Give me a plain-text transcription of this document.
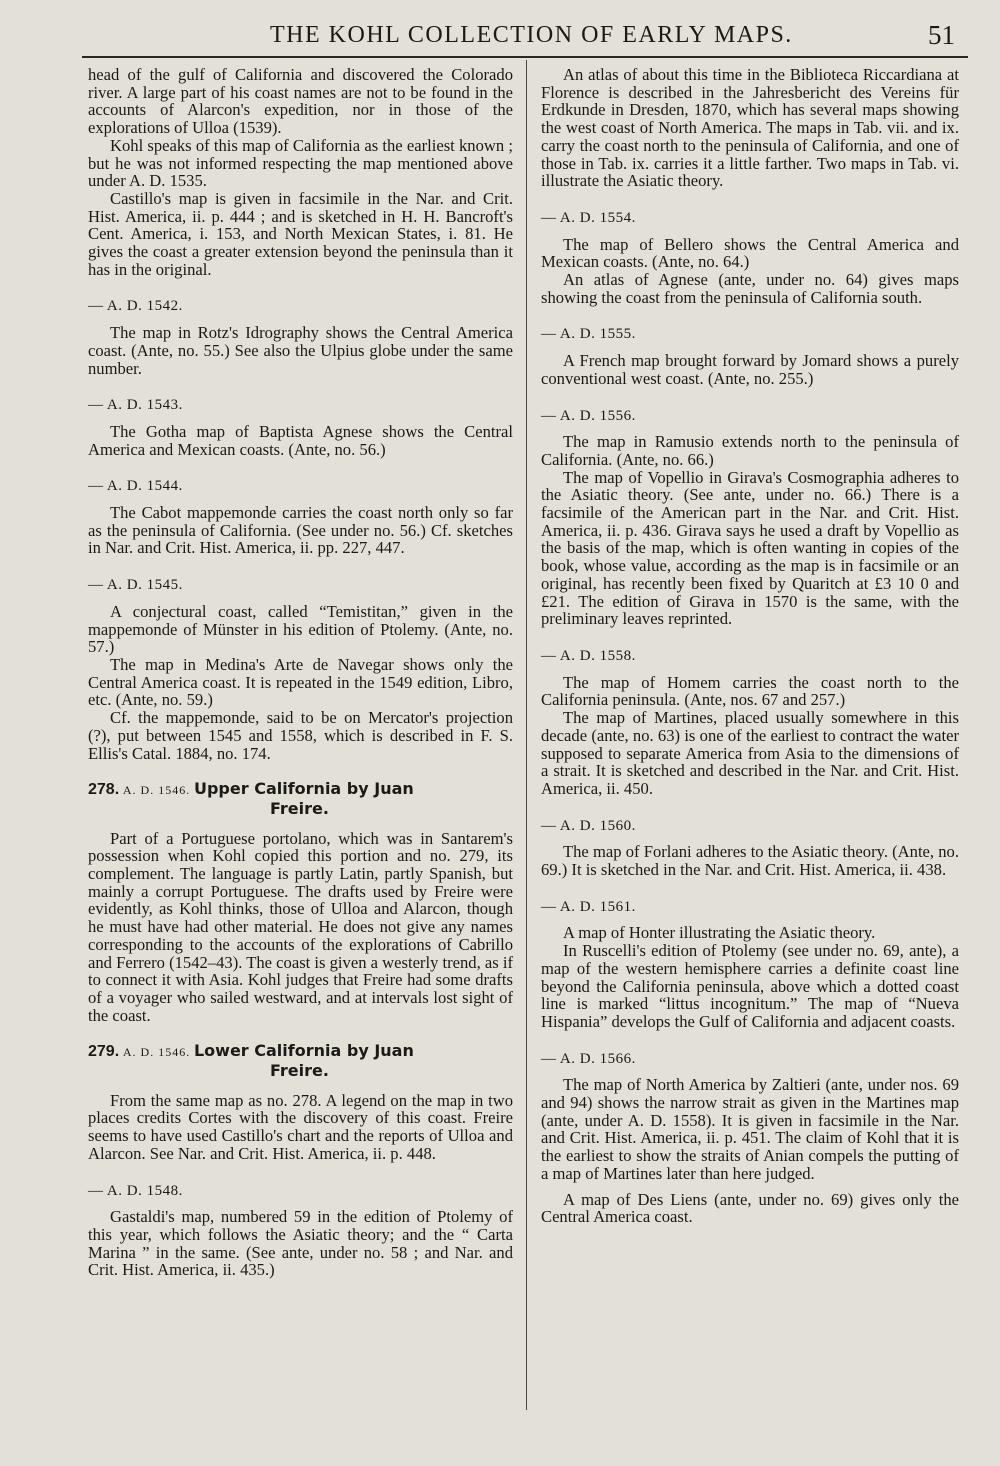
THE KOHL COLLECTION OF EARLY MAPS.	51

head of the gulf of California and discovered the Colorado river. A large part of his coast names are not to be found in the accounts of Alarcon's expedition, nor in those of the explorations of Ulloa (1539).

Kohl speaks of this map of California as the earliest known ; but he was not informed respecting the map mentioned above under A. D. 1535.

Castillo's map is given in facsimile in the Nar. and Crit. Hist. America, ii. p. 444 ; and is sketched in H. H. Bancroft's Cent. America, i. 153, and North Mexican States, i. 81. He gives the coast a greater extension beyond the peninsula than it has in the original.

— A. D. 1542.

The map in Rotz's Idrography shows the Central America coast. (Ante, no. 55.) See also the Ulpius globe under the same number.

— A. D. 1543.

The Gotha map of Baptista Agnese shows the Central America and Mexican coasts. (Ante, no. 56.)

— A. D. 1544.

The Cabot mappemonde carries the coast north only so far as the peninsula of California. (See under no. 56.) Cf. sketches in Nar. and Crit. Hist. America, ii. pp. 227, 447.

— A. D. 1545.

A conjectural coast, called “Temistitan,” given in the mappemonde of Münster in his edition of Ptolemy. (Ante, no. 57.)

The map in Medina's Arte de Navegar shows only the Central America coast. It is repeated in the 1549 edition, Libro, etc. (Ante, no. 59.)

Cf. the mappemonde, said to be on Mercator's projection (?), put between 1545 and 1558, which is described in F. S. Ellis's Catal. 1884, no. 174.

278. A. D. 1546. Upper California by Juan
Freire.

Part of a Portuguese portolano, which was in Santarem's possession when Kohl copied this portion and no. 279, its complement. The language is partly Latin, partly Spanish, but mainly a corrupt Portuguese. The drafts used by Freire were evidently, as Kohl thinks, those of Ulloa and Alarcon, though he must have had other material. He does not give any names corresponding to the accounts of the explorations of Cabrillo and Ferrero (1542–43). The coast is given a westerly trend, as if to connect it with Asia. Kohl judges that Freire had some drafts of a voyager who sailed westward, and at intervals lost sight of the coast.

279. A. D. 1546. Lower California by Juan
Freire.

From the same map as no. 278. A legend on the map in two places credits Cortes with the discovery of this coast. Freire seems to have used Castillo's chart and the reports of Ulloa and Alarcon. See Nar. and Crit. Hist. America, ii. p. 448.

— A. D. 1548.

Gastaldi's map, numbered 59 in the edition of Ptolemy of this year, which follows the Asiatic theory; and the “ Carta Marina ” in the same. (See ante, under no. 58 ; and Nar. and Crit. Hist. America, ii. 435.)

An atlas of about this time in the Biblioteca Riccardiana at Florence is described in the Jahresbericht des Vereins für Erdkunde in Dresden, 1870, which has several maps showing the west coast of North America. The maps in Tab. vii. and ix. carry the coast north to the peninsula of California, and one of those in Tab. ix. carries it a little farther. Two maps in Tab. vi. illustrate the Asiatic theory.

— A. D. 1554.

The map of Bellero shows the Central America and Mexican coasts. (Ante, no. 64.)

An atlas of Agnese (ante, under no. 64) gives maps showing the coast from the peninsula of California south.

— A. D. 1555.

A French map brought forward by Jomard shows a purely conventional west coast. (Ante, no. 255.)

— A. D. 1556.

The map in Ramusio extends north to the peninsula of California. (Ante, no. 66.)

The map of Vopellio in Girava's Cosmographia adheres to the Asiatic theory. (See ante, under no. 66.) There is a facsimile of the American part in the Nar. and Crit. Hist. America, ii. p. 436. Girava says he used a draft by Vopellio as the basis of the map, which is often wanting in copies of the book, whose value, according as the map is in facsimile or an original, has recently been fixed by Quaritch at £3 10 0 and £21. The edition of Girava in 1570 is the same, with the preliminary leaves reprinted.

— A. D. 1558.

The map of Homem carries the coast north to the California peninsula. (Ante, nos. 67 and 257.)

The map of Martines, placed usually somewhere in this decade (ante, no. 63) is one of the earliest to contract the water supposed to separate America from Asia to the dimensions of a strait. It is sketched and described in the Nar. and Crit. Hist. America, ii. 450.

— A. D. 1560.

The map of Forlani adheres to the Asiatic theory. (Ante, no. 69.) It is sketched in the Nar. and Crit. Hist. America, ii. 438.

— A. D. 1561.

A map of Honter illustrating the Asiatic theory.

In Ruscelli's edition of Ptolemy (see under no. 69, ante), a map of the western hemisphere carries a definite coast line beyond the California peninsula, above which a dotted coast line is marked “littus incognitum.” The map of “Nueva Hispania” develops the Gulf of California and adjacent coasts.

— A. D. 1566.

The map of North America by Zaltieri (ante, under nos. 69 and 94) shows the narrow strait as given in the Martines map (ante, under A. D. 1558). It is given in facsimile in the Nar. and Crit. Hist. America, ii. p. 451. The claim of Kohl that it is the earliest to show the straits of Anian compels the putting of a map of Martines later than here judged.

A map of Des Liens (ante, under no. 69) gives only the Central America coast.
